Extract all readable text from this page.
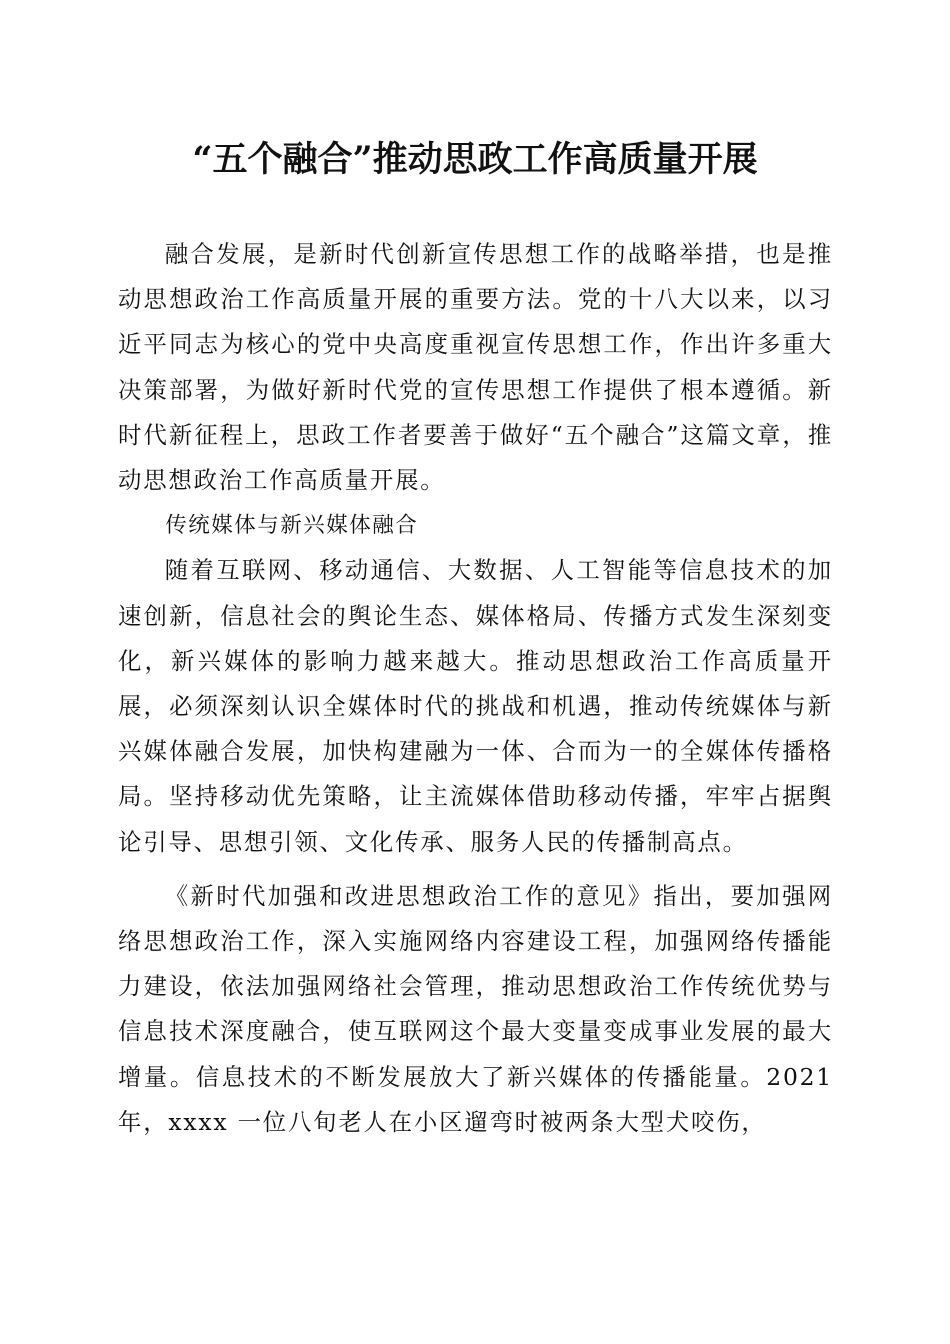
“五个融合”推动思政工作高质量开展

融合发展，是新时代创新宣传思想工作的战略举措，也是推动思想政治工作高质量开展的重要方法。党的十八大以来，以习近平同志为核心的党中央高度重视宣传思想工作，作出许多重大决策部署，为做好新时代党的宣传思想工作提供了根本遵循。新时代新征程上，思政工作者要善于做好“五个融合”这篇文章，推动思想政治工作高质量开展。

传统媒体与新兴媒体融合

随着互联网、移动通信、大数据、人工智能等信息技术的加速创新，信息社会的舆论生态、媒体格局、传播方式发生深刻变化，新兴媒体的影响力越来越大。推动思想政治工作高质量开展，必须深刻认识全媒体时代的挑战和机遇，推动传统媒体与新兴媒体融合发展，加快构建融为一体、合而为一的全媒体传播格局。坚持移动优先策略，让主流媒体借助移动传播，牢牢占据舆论引导、思想引领、文化传承、服务人民的传播制高点。

《新时代加强和改进思想政治工作的意见》指出，要加强网络思想政治工作，深入实施网络内容建设工程，加强网络传播能力建设，依法加强网络社会管理，推动思想政治工作传统优势与信息技术深度融合，使互联网这个最大变量变成事业发展的最大增量。信息技术的不断发展放大了新兴媒体的传播能量。2021 年，xxxx 一位八旬老人在小区遛弯时被两条大型犬咬伤，
